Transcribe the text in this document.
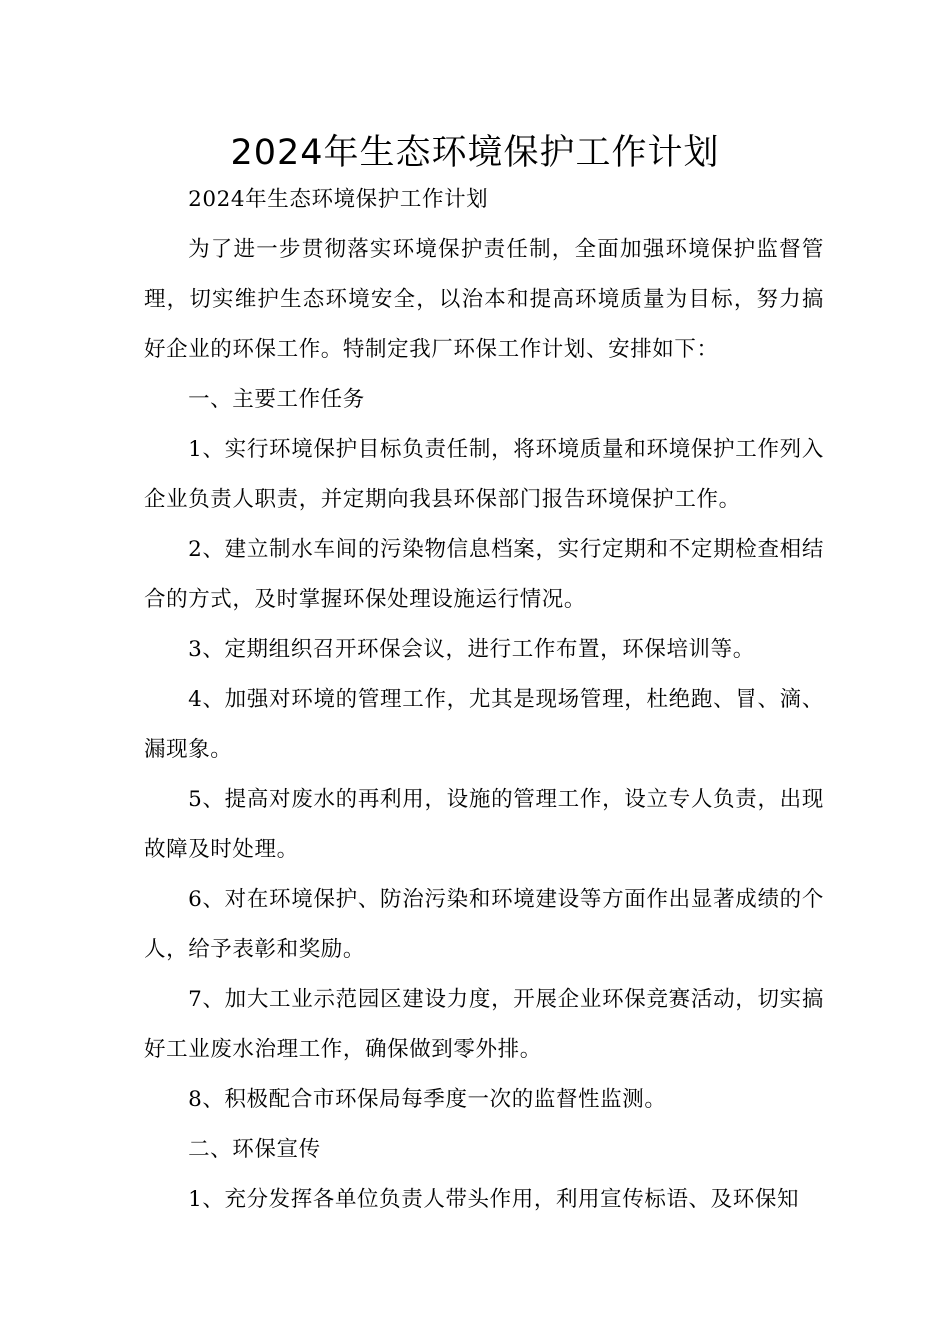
2024年生态环境保护工作计划

2024年生态环境保护工作计划

为了进一步贯彻落实环境保护责任制，全面加强环境保护监督管理，切实维护生态环境安全，以治本和提高环境质量为目标，努力搞好企业的环保工作。特制定我厂环保工作计划、安排如下：

一、主要工作任务

1、实行环境保护目标负责任制，将环境质量和环境保护工作列入企业负责人职责，并定期向我县环保部门报告环境保护工作。

2、建立制水车间的污染物信息档案，实行定期和不定期检查相结合的方式，及时掌握环保处理设施运行情况。

3、定期组织召开环保会议，进行工作布置，环保培训等。

4、加强对环境的管理工作，尤其是现场管理，杜绝跑、冒、滴、漏现象。

5、提高对废水的再利用，设施的管理工作，设立专人负责，出现故障及时处理。

6、对在环境保护、防治污染和环境建设等方面作出显著成绩的个人，给予表彰和奖励。

7、加大工业示范园区建设力度，开展企业环保竞赛活动，切实搞好工业废水治理工作，确保做到零外排。

8、积极配合市环保局每季度一次的监督性监测。

二、环保宣传

1、充分发挥各单位负责人带头作用，利用宣传标语、及环保知
